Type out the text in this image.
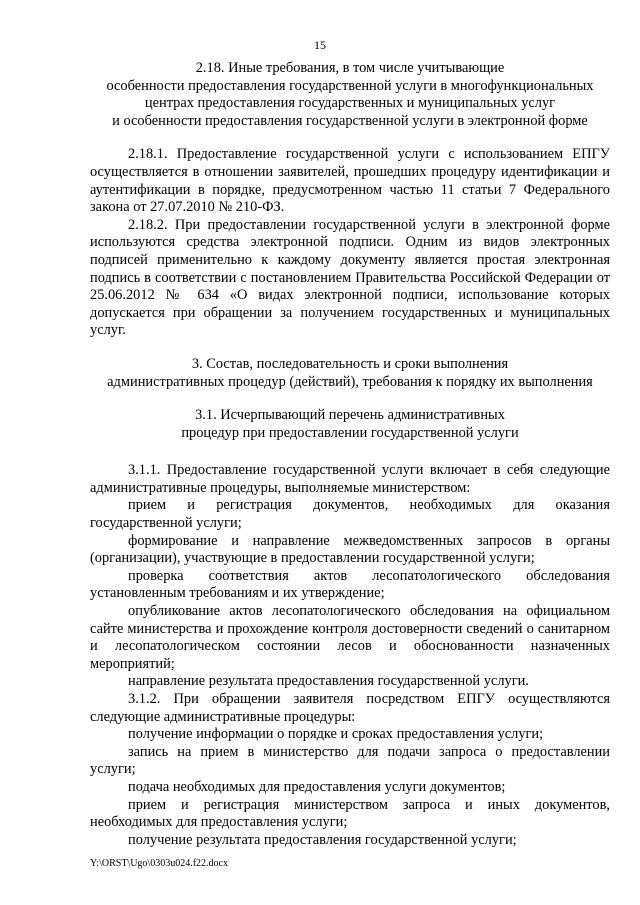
15

2.18. Иные требования, в том числе учитывающие

особенности предоставления государственной услуги в многофункциональных

центрах предоставления государственных и муниципальных услуг

и особенности предоставления государственной услуги в электронной форме

2.18.1. Предоставление государственной услуги с использованием ЕПГУ осуществляется в отношении заявителей, прошедших процедуру идентификации и аутентификации в порядке, предусмотренном частью 11 статьи 7 Федерального закона от 27.07.2010 № 210-ФЗ.

2.18.2. При предоставлении государственной услуги в электронной форме используются средства электронной подписи. Одним из видов электронных подписей применительно к каждому документу является простая электронная подпись в соответствии с постановлением Правительства Российской Федерации от 25.06.2012 № 634 «О видах электронной подписи, использование которых допускается при обращении за получением государственных и муниципальных услуг.

3. Состав, последовательность и сроки выполнения

административных процедур (действий), требования к порядку их выполнения

3.1. Исчерпывающий перечень административных

процедур при предоставлении государственной услуги

3.1.1. Предоставление государственной услуги включает в себя следующие административные процедуры, выполняемые министерством:

прием и регистрация документов, необходимых для оказания государственной услуги;

формирование и направление межведомственных запросов в органы (организации), участвующие в предоставлении государственной услуги;

проверка соответствия актов лесопатологического обследования установленным требованиям и их утверждение;

опубликование актов лесопатологического обследования на официальном сайте министерства и прохождение контроля достоверности сведений о санитарном и лесопатологическом состоянии лесов и обоснованности назначенных мероприятий;

направление результата предоставления государственной услуги.

3.1.2. При обращении заявителя посредством ЕПГУ осуществляются следующие административные процедуры:

получение информации о порядке и сроках предоставления услуги;

запись на прием в министерство для подачи запроса о предоставлении услуги;

подача необходимых для предоставления услуги документов;

прием и регистрация министерством запроса и иных документов, необходимых для предоставления услуги;

получение результата предоставления государственной услуги;

Y:\ORST\Ugo\0303u024.f22.docx
